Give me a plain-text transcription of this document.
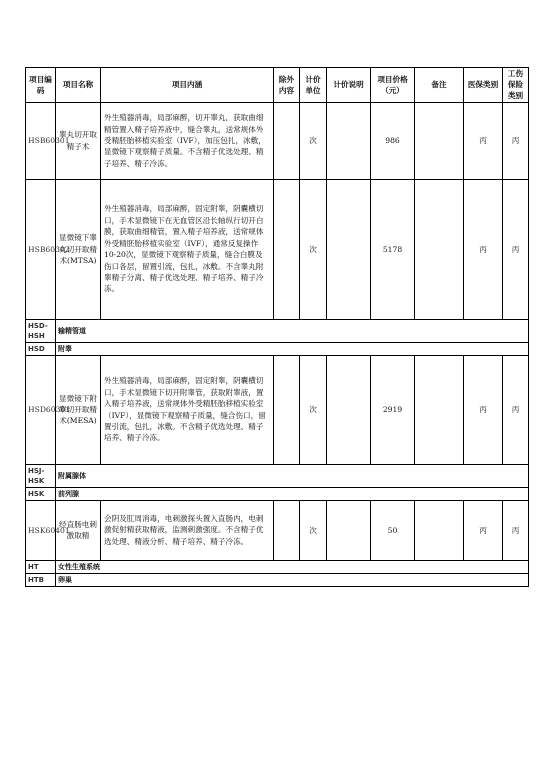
项目编码	项目名称	项目内涵	除外内容	计价单位	计价说明	项目价格（元）	备注	医保类别	工伤保险类别
HSB60301	睾丸切开取精子术	外生殖器消毒，局部麻醉，切开睾丸，获取曲细精管置入精子培养液中，缝合睾丸，送常规体外受精胚胎移植实验室（IVF），加压包扎，冰敷，显微镜下观察精子质量。不含精子优选处理、精子培养、精子冷冻。		次		986		丙	丙
HSB60302	显微镜下睾丸切开取精术(MTSA)	外生殖器消毒，局部麻醉，固定附睾，阴囊横切口，手术显微镜下在无血管区沿长轴纵行切开白膜，获取曲细精管，置入精子培养液，送常规体外受精胚胎移植实验室（IVF），通常反复操作10-20次，显微镜下观察精子质量，缝合白膜及伤口各层，留置引流，包扎，冰敷。不含睾丸附睾精子分离、精子优选处理、精子培养、精子冷冻。		次		5178		丙	丙
HSD-HSH	输精管道								
HSD	附睾								
HSD60301	显微镜下附睾切开取精术(MESA)	外生殖器消毒，局部麻醉，固定附睾，阴囊横切口，手术显微镜下切开附睾管，获取附睾液，置入精子培养液，送常规体外受精胚胎移植实验室（IVF），显微镜下观察精子质量，缝合伤口，留置引流，包扎，冰敷。不含精子优选处理、精子培养、精子冷冻。		次		2919		丙	丙
HSJ-HSK	附属腺体								
HSK	前列腺								
HSK60401	经直肠电刺激取精	会阴及肛周消毒，电刺激探头置入直肠内，电刺激促射精获取精液，监测刺激强度。不含精子优选处理、精液分析、精子培养、精子冷冻。		次		50		丙	丙
HT	女性生殖系统								
HTB	卵巢								
